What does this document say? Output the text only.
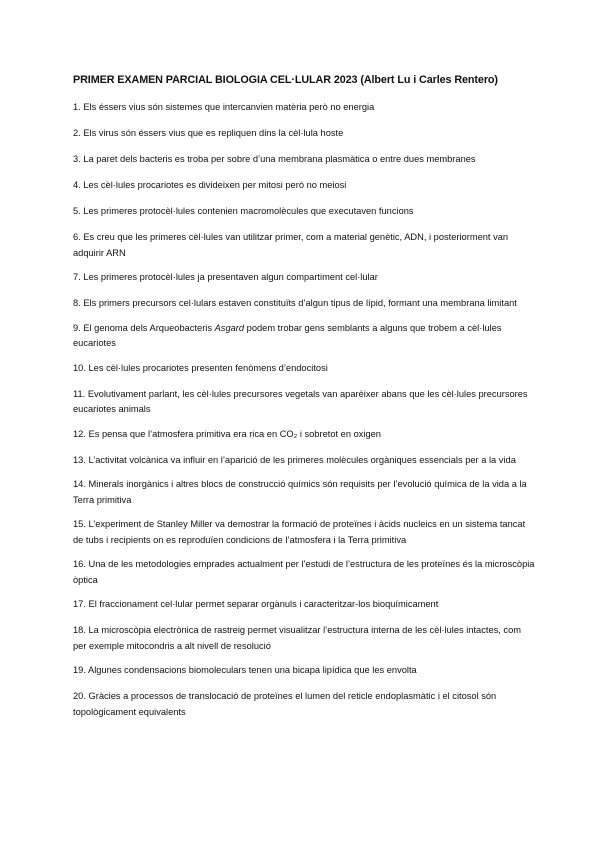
PRIMER EXAMEN PARCIAL BIOLOGIA CEL·LULAR 2023 (Albert Lu i Carles Rentero)
1. Els éssers vius són sistemes que intercanvien matèria però no energia
2. Els virus són éssers vius que es repliquen dins la cèl·lula hoste
3. La paret dels bacteris es troba per sobre d’una membrana plasmàtica o entre dues membranes
4. Les cèl·lules procariotes es divideixen per mitosi però no meiosi
5. Les primeres protocèl·lules contenien macromolècules que executaven funcions
6. Es creu que les primeres cèl·lules van utilitzar primer, com a material genètic, ADN, i posteriorment van adquirir ARN
7. Les primeres protocèl·lules ja presentaven algun compartiment cel·lular
8. Els primers precursors cel·lulars estaven constituïts d’algun tipus de lípid, formant una membrana limitant
9. El genoma dels Arqueobacteris Asgard podem trobar gens semblants a alguns que trobem a cèl·lules eucariotes
10. Les cèl·lules procariotes presenten fenòmens d’endocitosi
11. Evolutivament parlant, les cèl·lules precursores vegetals van aparèixer abans que les cèl·lules precursores eucariotes animals
12. Es pensa que l’atmosfera primitiva era rica en CO₂ i sobretot en oxigen
13. L’activitat volcànica va influir en l’aparició de les primeres molècules orgàniques essencials per a la vida
14. Minerals inorgànics i altres blocs de construcció químics són requisits per l’evolució química de la vida a la Terra primitiva
15. L’experiment de Stanley Miller va demostrar la formació de proteïnes i àcids nucleics en un sistema tancat de tubs i recipients on es reproduïen condicions de l’atmosfera i la Terra primitiva
16. Una de les metodologies emprades actualment per l’estudi de l’estructura de les proteïnes és la microscòpia òptica
17. El fraccionament cel·lular permet separar orgànuls i caracteritzar-los bioquímicament
18. La microscòpia electrònica de rastreig permet visualitzar l’estructura interna de les cèl·lules intactes, com per exemple mitocondris a alt nivell de resolució
19. Algunes condensacions biomoleculars tenen una bicapa lipídica que les envolta
20. Gràcies a processos de translocació de proteïnes el lumen del reticle endoplasmàtic i el citosol són topològicament equivalents
